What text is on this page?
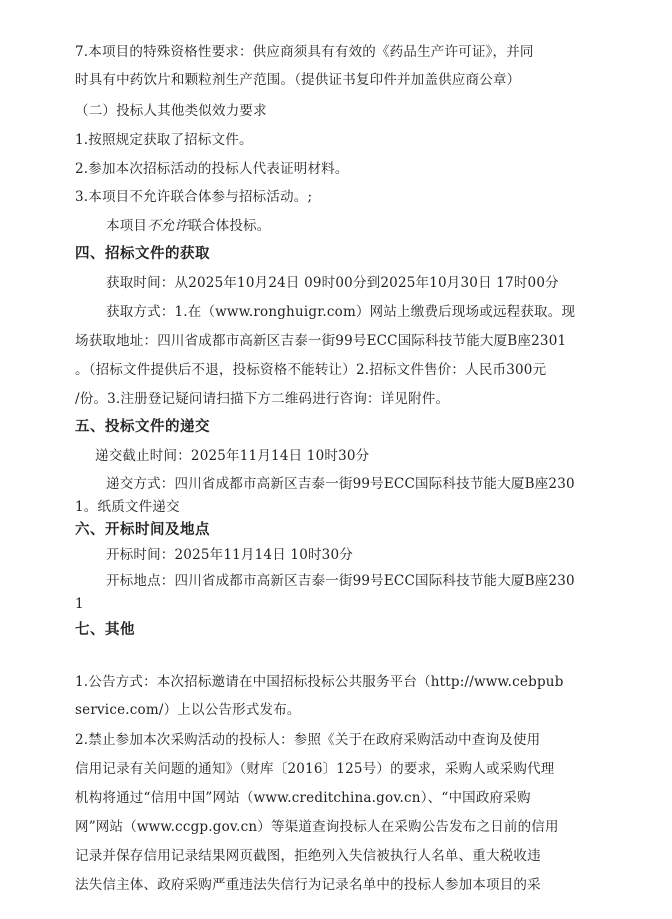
7.本项目的特殊资格性要求：供应商须具有有效的《药品生产许可证》，并同
时具有中药饮片和颗粒剂生产范围。（提供证书复印件并加盖供应商公章）
（二）投标人其他类似效力要求
1.按照规定获取了招标文件。
2.参加本次招标活动的投标人代表证明材料。
3.本项目不允许联合体参与招标活动。;
本项目不允许联合体投标。
四、招标文件的获取
获取时间：从2025年10月24日 09时00分到2025年10月30日 17时00分
获取方式：1.在（www.ronghuigr.com）网站上缴费后现场或远程获取。现
场获取地址：四川省成都市高新区吉泰一街99号ECC国际科技节能大厦B座2301
。（招标文件提供后不退，投标资格不能转让）2.招标文件售价：人民币300元
/份。3.注册登记疑问请扫描下方二维码进行咨询：详见附件。
五、投标文件的递交
递交截止时间：2025年11月14日 10时30分
递交方式：四川省成都市高新区吉泰一街99号ECC国际科技节能大厦B座230
1。纸质文件递交
六、开标时间及地点
开标时间：2025年11月14日 10时30分
开标地点：四川省成都市高新区吉泰一街99号ECC国际科技节能大厦B座230
1
七、其他
1.公告方式：本次招标邀请在中国招标投标公共服务平台（http://www.cebpub
service.com/）上以公告形式发布。
2.禁止参加本次采购活动的投标人：参照《关于在政府采购活动中查询及使用
信用记录有关问题的通知》（财库〔2016〕125号）的要求，采购人或采购代理
机构将通过“信用中国”网站（www.creditchina.gov.cn）、“中国政府采购
网”网站（www.ccgp.gov.cn）等渠道查询投标人在采购公告发布之日前的信用
记录并保存信用记录结果网页截图，拒绝列入失信被执行人名单、重大税收违
法失信主体、政府采购严重违法失信行为记录名单中的投标人参加本项目的采
